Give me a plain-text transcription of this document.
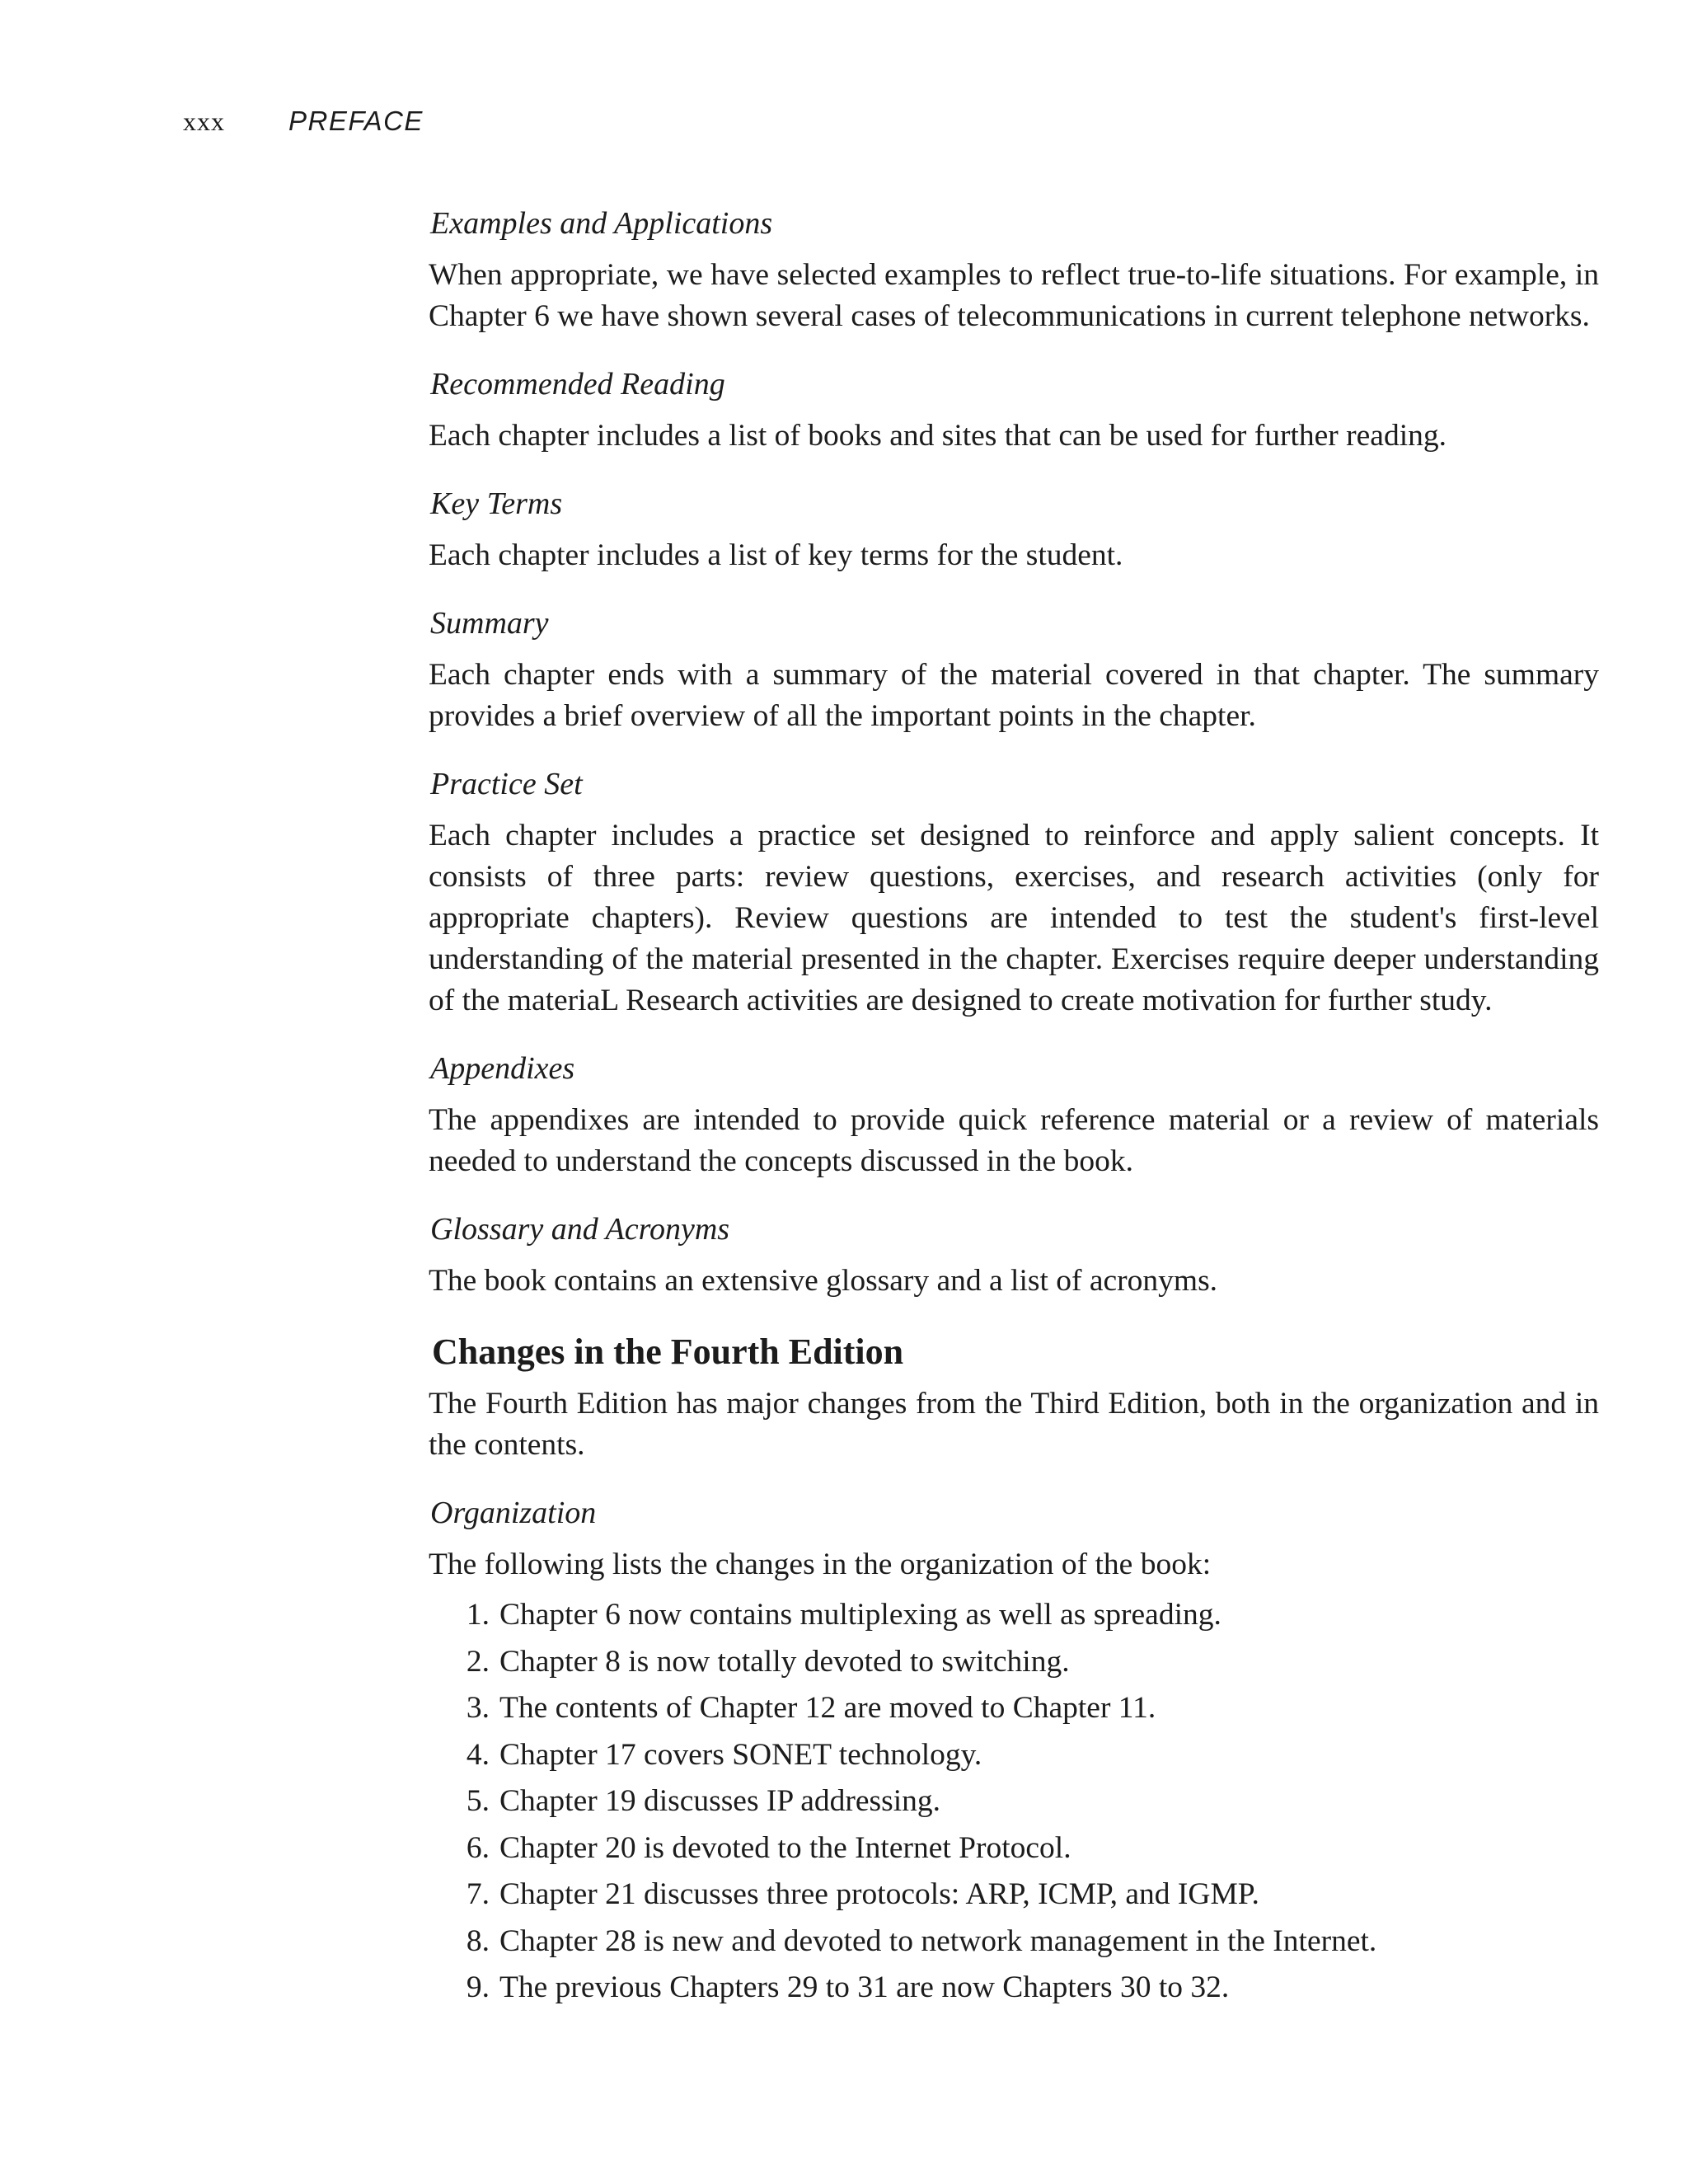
xxx	PREFACE
Examples and Applications

When appropriate, we have selected examples to reflect true-to-life situations. For example, in Chapter 6 we have shown several cases of telecommunications in current telephone networks.

Recommended Reading

Each chapter includes a list of books and sites that can be used for further reading.

Key Terms

Each chapter includes a list of key terms for the student.

Summary

Each chapter ends with a summary of the material covered in that chapter. The summary provides a brief overview of all the important points in the chapter.

Practice Set

Each chapter includes a practice set designed to reinforce and apply salient concepts. It consists of three parts: review questions, exercises, and research activities (only for appropriate chapters). Review questions are intended to test the student's first-level understanding of the material presented in the chapter. Exercises require deeper understanding of the materiaL Research activities are designed to create motivation for further study.

Appendixes

The appendixes are intended to provide quick reference material or a review of materials needed to understand the concepts discussed in the book.

Glossary and Acronyms

The book contains an extensive glossary and a list of acronyms.

Changes in the Fourth Edition

The Fourth Edition has major changes from the Third Edition, both in the organization and in the contents.

Organization

The following lists the changes in the organization of the book:

1. Chapter 6 now contains multiplexing as well as spreading.
2. Chapter 8 is now totally devoted to switching.
3. The contents of Chapter 12 are moved to Chapter 11.
4. Chapter 17 covers SONET technology.
5. Chapter 19 discusses IP addressing.
6. Chapter 20 is devoted to the Internet Protocol.
7. Chapter 21 discusses three protocols: ARP, ICMP, and IGMP.
8. Chapter 28 is new and devoted to network management in the Internet.
9. The previous Chapters 29 to 31 are now Chapters 30 to 32.
